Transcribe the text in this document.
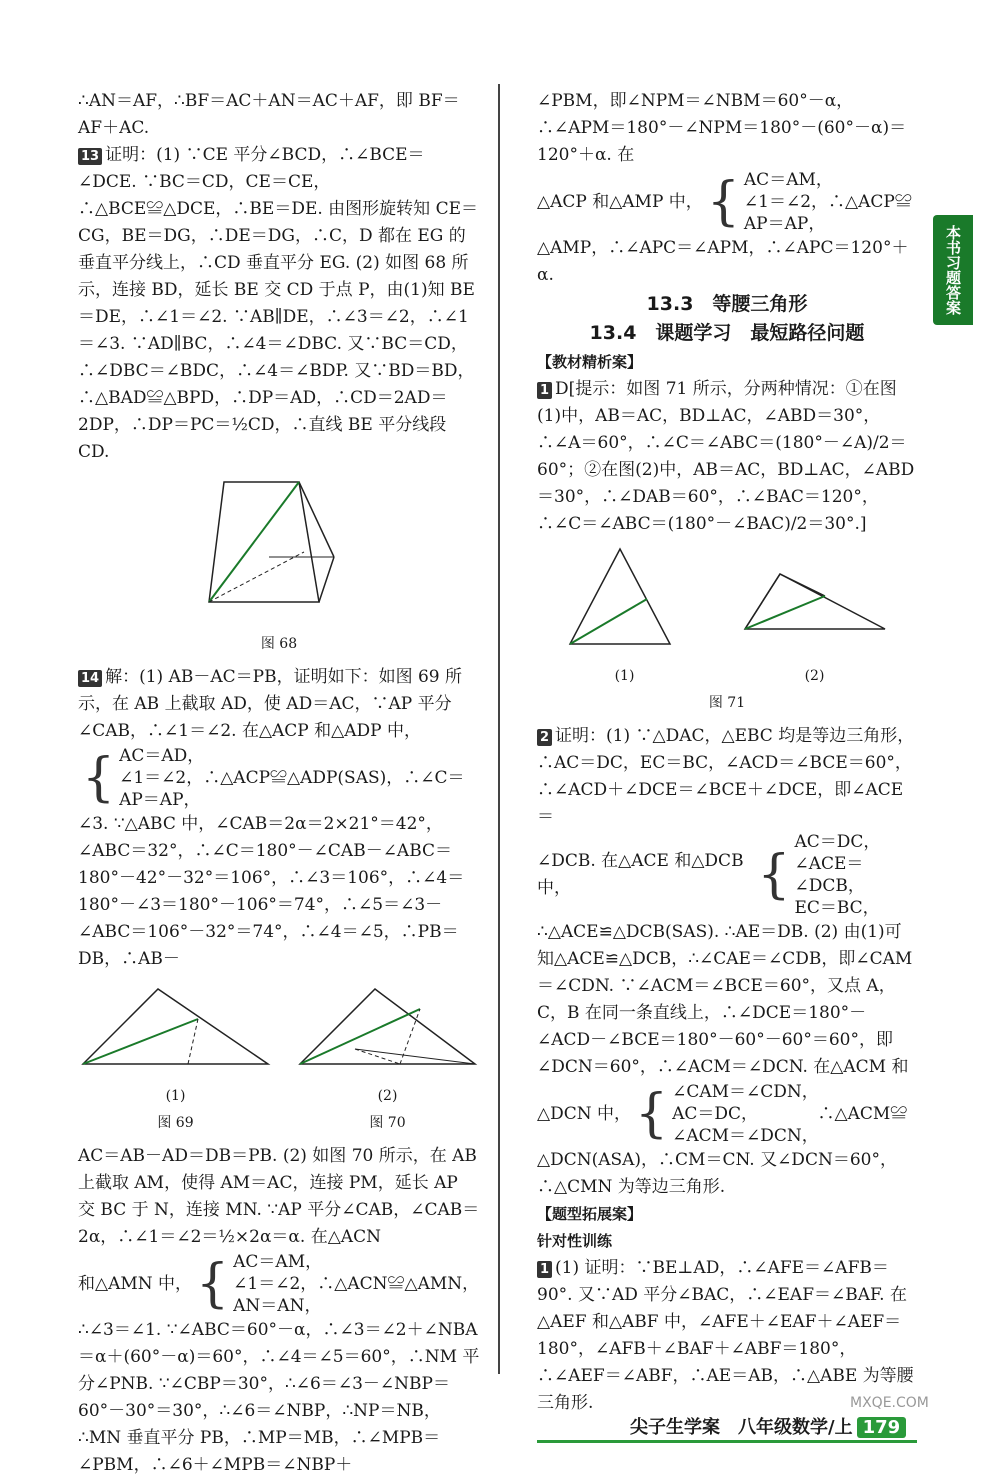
本书习题答案

∴AN＝AF，∴BF＝AC＋AN＝AC＋AF，即 BF＝AF＋AC.

13 证明：(1) ∵CE 平分∠BCD，∴∠BCE＝∠DCE. ∵BC＝CD，CE＝CE，∴△BCE≌△DCE，∴BE＝DE. 由图形旋转知 CE＝CG，BE＝DG，∴DE＝DG，∴C，D 都在 EG 的垂直平分线上，∴CD 垂直平分 EG. (2) 如图 68 所示，连接 BD，延长 BE 交 CD 于点 P，由(1)知 BE＝DE，∴∠1＝∠2. ∵AB∥DE，∴∠3＝∠2，∴∠1＝∠3. ∵AD∥BC，∴∠4＝∠DBC. 又∵BC＝CD，∴∠DBC＝∠BDC，∴∠4＝∠BDP. 又∵BD＝BD，∴△BAD≌△BPD，∴DP＝AD，∴CD＝2AD＝2DP，∴DP＝PC＝½CD，∴直线 BE 平分线段 CD.

图 68

14 解：(1) AB－AC＝PB，证明如下：如图 69 所示，在 AB 上截取 AD，使 AD＝AC，∵AP 平分∠CAB，∴∠1＝∠2. 在△ACP 和△ADP 中，

{ AC＝AD，
∠1＝∠2，∴△ACP≌△ADP(SAS)，∴∠C＝
AP＝AP，

∠3. ∵△ABC 中，∠CAB＝2α＝2×21°＝42°，∠ABC＝32°，∴∠C＝180°－∠CAB－∠ABC＝180°－42°－32°＝106°，∴∠3＝106°，∴∠4＝180°－∠3＝180°－106°＝74°，∴∠5＝∠3－∠ABC＝106°－32°＝74°，∴∠4＝∠5，∴PB＝DB，∴AB－

(1)
图 69
(2)
图 70

AC＝AB－AD＝DB＝PB. (2) 如图 70 所示，在 AB 上截取 AM，使得 AM＝AC，连接 PM，延长 AP 交 BC 于 N，连接 MN. ∵AP 平分∠CAB，∠CAB＝2α，∴∠1＝∠2＝½×2α＝α. 在△ACN

和△AMN 中， { AC＝AM，
∠1＝∠2，∴△ACN≌△AMN，
AN＝AN，

∴∠3＝∠1. ∵∠ABC＝60°－α，∴∠3＝∠2＋∠NBA＝α＋(60°－α)＝60°，∴∠4＝∠5＝60°，∴NM 平分∠PNB. ∵∠CBP＝30°，∴∠6＝∠3－∠NBP＝60°－30°＝30°，∴∠6＝∠NBP，∴NP＝NB，∴MN 垂直平分 PB，∴MP＝MB，∴∠MPB＝∠PBM，∴∠6＋∠MPB＝∠NBP＋

∠PBM，即∠NPM＝∠NBM＝60°－α，∴∠APM＝180°－∠NPM＝180°－(60°－α)＝120°＋α. 在

△ACP 和△AMP 中， { AC＝AM，
∠1＝∠2，∴△ACP≌
AP＝AP，

△AMP，∴∠APC＝∠APM，∴∠APC＝120°＋α.

13.3　等腰三角形
13.4　课题学习　最短路径问题
【教材精析案】

1 D[提示：如图 71 所示，分两种情况：①在图(1)中，AB＝AC，BD⊥AC，∠ABD＝30°，∴∠A＝60°，∴∠C＝∠ABC＝(180°－∠A)/2＝60°；②在图(2)中，AB＝AC，BD⊥AC，∠ABD＝30°，∴∠DAB＝60°，∴∠BAC＝120°，∴∠C＝∠ABC＝(180°－∠BAC)/2＝30°.]

(1)	(2)
图 71

2 证明：(1) ∵△DAC，△EBC 均是等边三角形，∴AC＝DC，EC＝BC，∠ACD＝∠BCE＝60°，∴∠ACD＋∠DCE＝∠BCE＋∠DCE，即∠ACE＝

∠DCB. 在△ACE 和△DCB 中，	{
AC＝DC，
∠ACE＝∠DCB，
EC＝BC，

∴△ACE≌△DCB(SAS). ∴AE＝DB. (2) 由(1)可知△ACE≌△DCB，∴∠CAE＝∠CDB，即∠CAM＝∠CDN. ∵∠ACM＝∠BCE＝60°，又点 A，C，B 在同一条直线上，∴∠DCE＝180°－∠ACD－∠BCE＝180°－60°－60°＝60°，即∠DCN＝60°，∴∠ACM＝∠DCN. 在△ACM 和

△DCN 中， { ∠CAM＝∠CDN，
AC＝DC，　　　　∴△ACM≌
∠ACM＝∠DCN，

△DCN(ASA)，∴CM＝CN. 又∠DCN＝60°，∴△CMN 为等边三角形.

【题型拓展案】
针对性训练

1 (1) 证明：∵BE⊥AD，∴∠AFE＝∠AFB＝90°. 又∵AD 平分∠BAC，∴∠EAF＝∠BAF. 在△AEF 和△ABF 中，∠AFE＋∠EAF＋∠AEF＝180°，∠AFB＋∠BAF＋∠ABF＝180°，∴∠AEF＝∠ABF，∴AE＝AB，∴△ABE 为等腰三角形.

尖子生学案　 八年级数学/上 179
MXQE.COM
